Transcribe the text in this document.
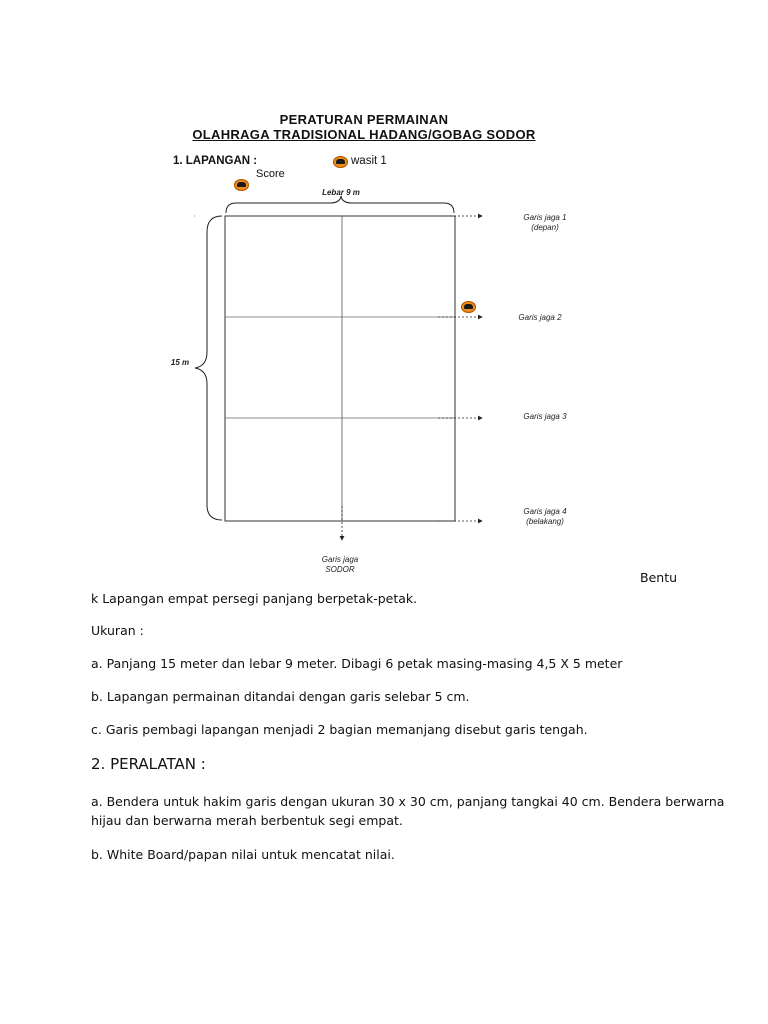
PERATURAN PERMAINAN
OLAHRAGA TRADISIONAL HADANG/GOBAG SODOR
1. LAPANGAN :	wasit 1
Score
Lebar 9 m
15 m
Garis jaga 1
(depan)
Garis jaga 2
Garis jaga 3
Garis jaga 4
(belakang)
Garis jaga
SODOR
Bentu
k Lapangan empat persegi panjang berpetak-petak.
Ukuran :
a. Panjang 15 meter dan lebar 9 meter. Dibagi 6 petak masing-masing 4,5 X 5 meter
b. Lapangan permainan ditandai dengan garis selebar 5 cm.
c. Garis pembagi lapangan menjadi 2 bagian memanjang disebut garis tengah.
2. PERALATAN :
a. Bendera untuk hakim garis dengan ukuran 30 x 30 cm, panjang tangkai 40 cm. Bendera berwarna
hijau dan berwarna merah berbentuk segi empat.
b. White Board/papan nilai untuk mencatat nilai.
